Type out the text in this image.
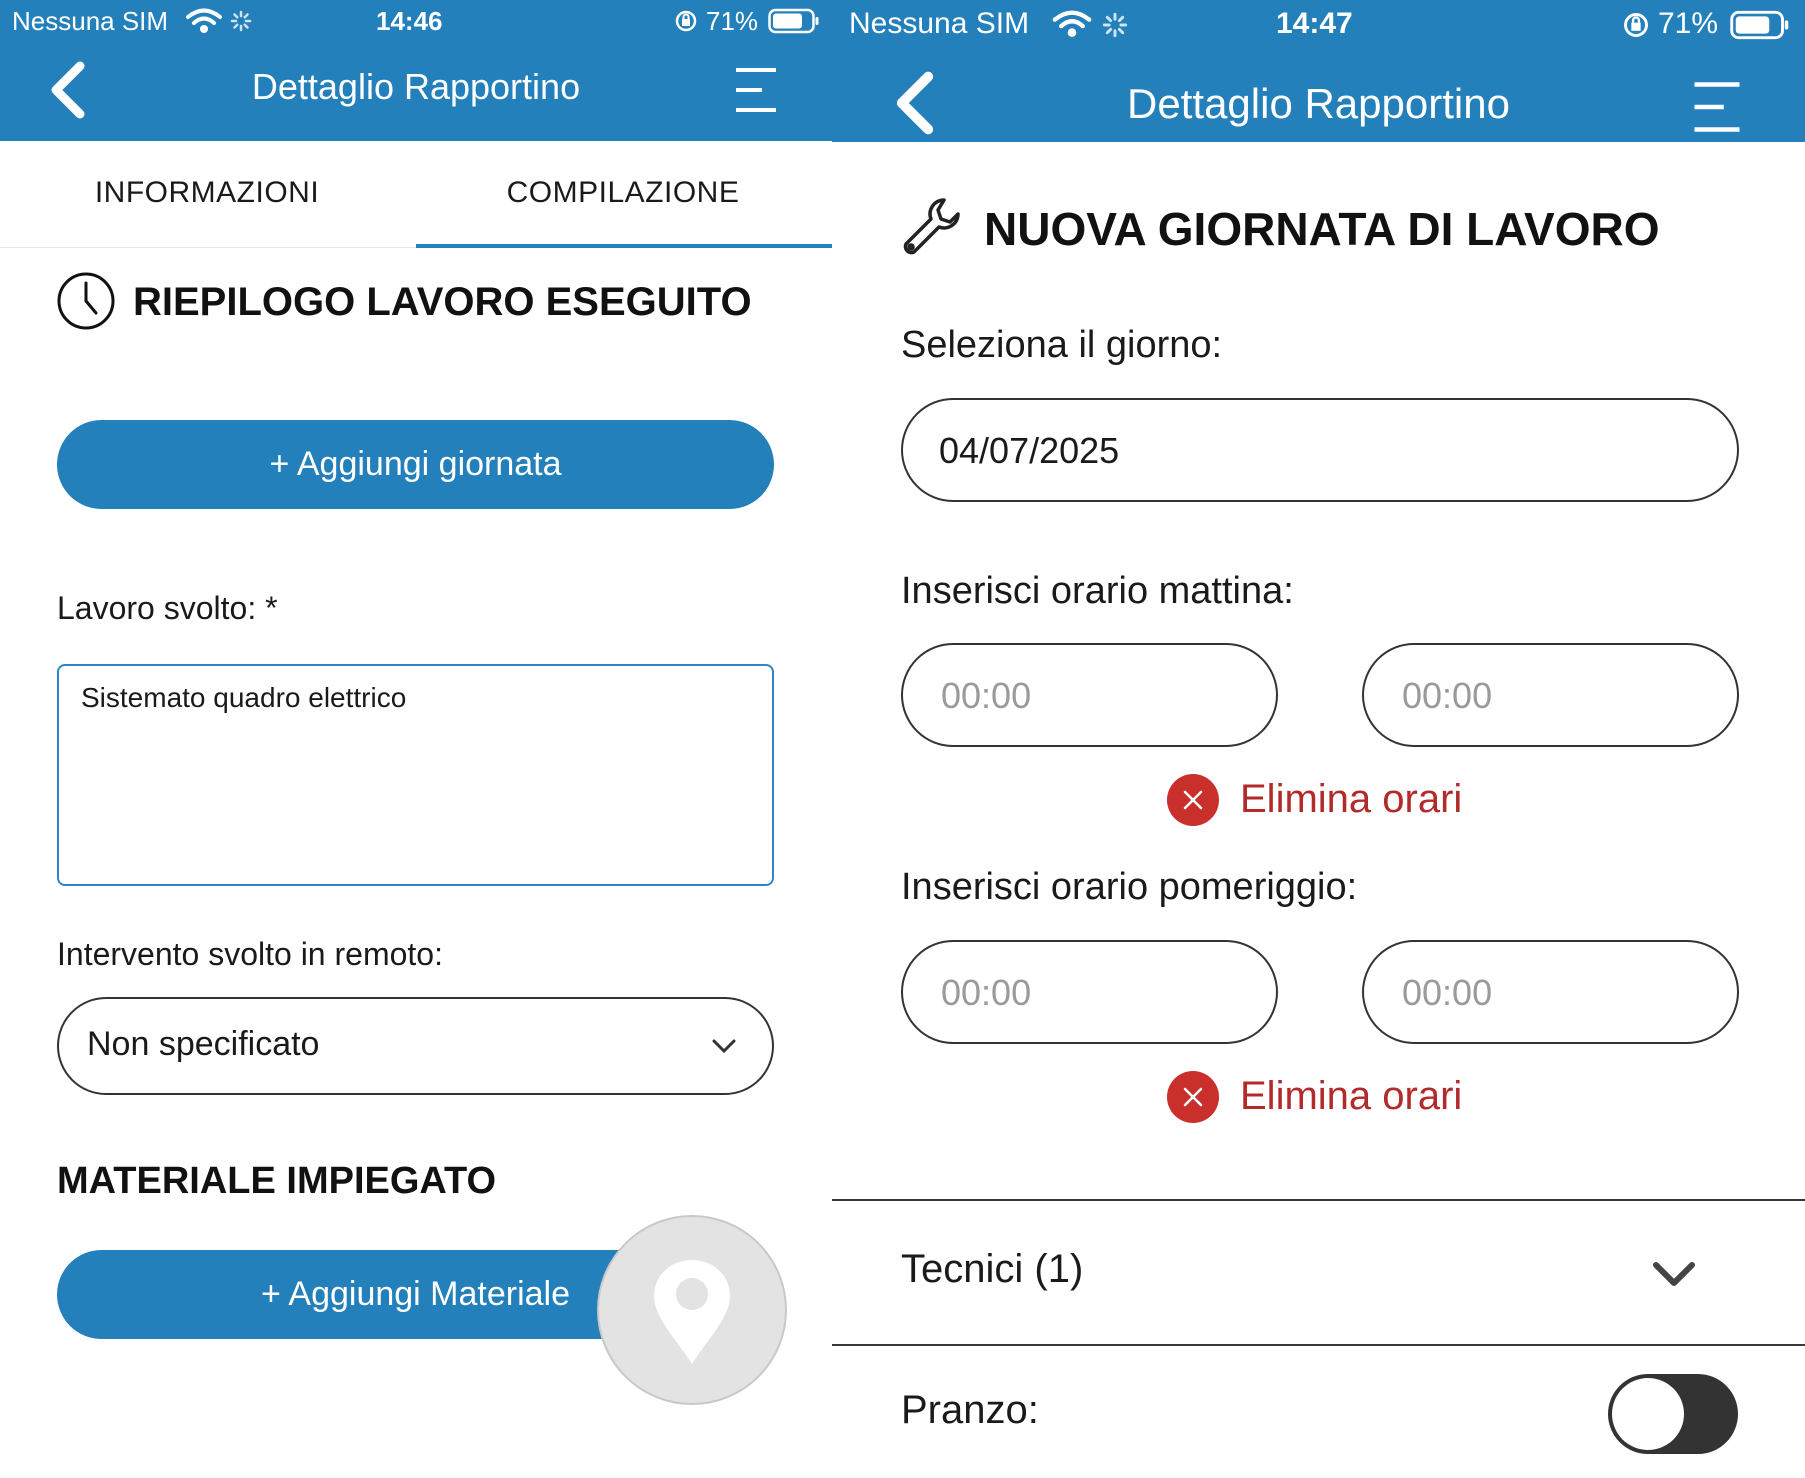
Nessuna SIM	14:46	71%
Dettaglio Rapportino
INFORMAZIONI	COMPILAZIONE
RIEPILOGO LAVORO ESEGUITO
+ Aggiungi giornata
Lavoro svolto: *
Sistemato quadro elettrico
Intervento svolto in remoto:
Non specificato
MATERIALE IMPIEGATO
+ Aggiungi Materiale
Nessuna SIM	14:47	71%
Dettaglio Rapportino
NUOVA GIORNATA DI LAVORO
Seleziona il giorno:
04/07/2025
Inserisci orario mattina:
00:00	00:00
Elimina orari
Inserisci orario pomeriggio:
00:00	00:00
Elimina orari
Tecnici (1)
Pranzo:
